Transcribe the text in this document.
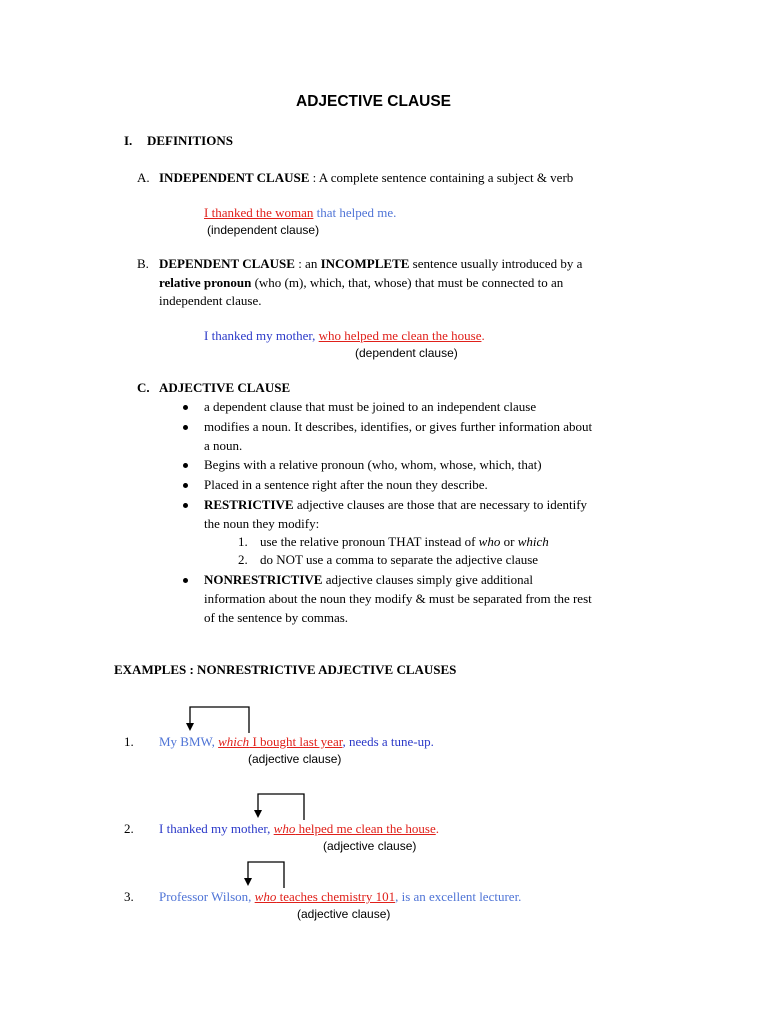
ADJECTIVE CLAUSE
I. DEFINITIONS
A. INDEPENDENT CLAUSE : A complete sentence containing a subject & verb
I thanked the woman that helped me.
(independent clause)
B. DEPENDENT CLAUSE : an INCOMPLETE sentence usually introduced by a
relative pronoun (who (m), which, that, whose) that must be connected to an
independent clause.
I thanked my mother, who helped me clean the house.
(dependent clause)
C. ADJECTIVE CLAUSE
a dependent clause that must be joined to an independent clause
modifies a noun. It describes, identifies, or gives further information about
a noun.
Begins with a relative pronoun (who, whom, whose, which, that)
Placed in a sentence right after the noun they describe.
RESTRICTIVE adjective clauses are those that are necessary to identify
the noun they modify:
1. use the relative pronoun THAT instead of who or which
2. do NOT use a comma to separate the adjective clause
NONRESTRICTIVE adjective clauses simply give additional
information about the noun they modify & must be separated from the rest
of the sentence by commas.
EXAMPLES : NONRESTRICTIVE ADJECTIVE CLAUSES
1. My BMW, which I bought last year, needs a tune-up.
(adjective clause)
2. I thanked my mother, who helped me clean the house.
(adjective clause)
3. Professor Wilson, who teaches chemistry 101, is an excellent lecturer.
(adjective clause)
